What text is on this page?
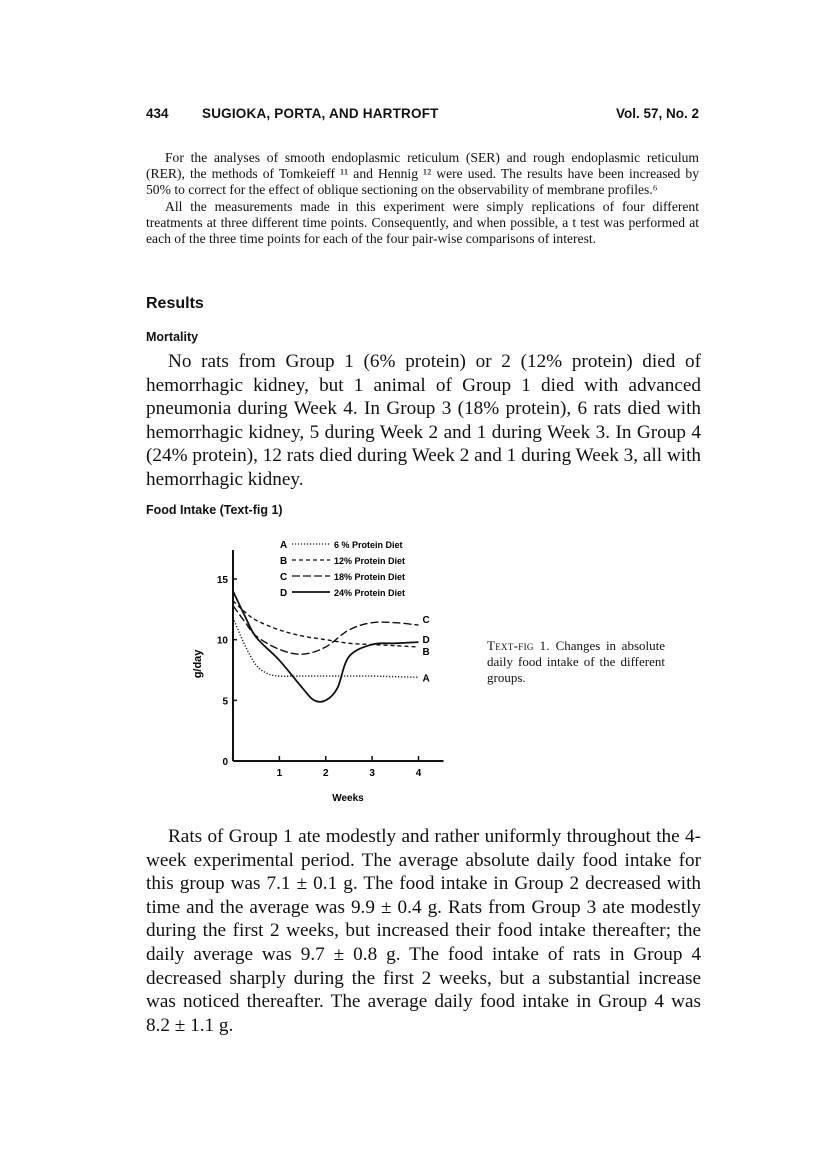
434 SUGIOKA, PORTA, AND HARTROFT	Vol. 57, No. 2

For the analyses of smooth endoplasmic reticulum (SER) and rough endoplasmic reticulum (RER), the methods of Tomkeieff ¹¹ and Hennig ¹² were used. The results have been increased by 50% to correct for the effect of oblique sectioning on the observability of membrane profiles.⁶

All the measurements made in this experiment were simply replications of four different treatments at three different time points. Consequently, and when possible, a t test was performed at each of the three time points for each of the four pair-wise comparisons of interest.

Results
Mortality

No rats from Group 1 (6% protein) or 2 (12% protein) died of hemorrhagic kidney, but 1 animal of Group 1 died with advanced pneumonia during Week 4. In Group 3 (18% protein), 6 rats died with hemorrhagic kidney, 5 during Week 2 and 1 during Week 3. In Group 4 (24% protein), 12 rats died during Week 2 and 1 during Week 3, all with hemorrhagic kidney.

Food Intake (Text-fig 1)
0
5
10
15
1	2	3	4
Weeks
g/day
A
B
C
D
A	6 % Protein Diet
B	12% Protein Diet
C	18% Protein Diet
D	24% Protein Diet
Text-fig 1. Changes in absolute daily food intake of the different groups.

Rats of Group 1 ate modestly and rather uniformly throughout the 4-week experimental period. The average absolute daily food intake for this group was 7.1 ± 0.1 g. The food intake in Group 2 decreased with time and the average was 9.9 ± 0.4 g. Rats from Group 3 ate modestly during the first 2 weeks, but increased their food intake thereafter; the daily average was 9.7 ± 0.8 g. The food intake of rats in Group 4 decreased sharply during the first 2 weeks, but a substantial increase was noticed thereafter. The average daily food intake in Group 4 was 8.2 ± 1.1 g.
